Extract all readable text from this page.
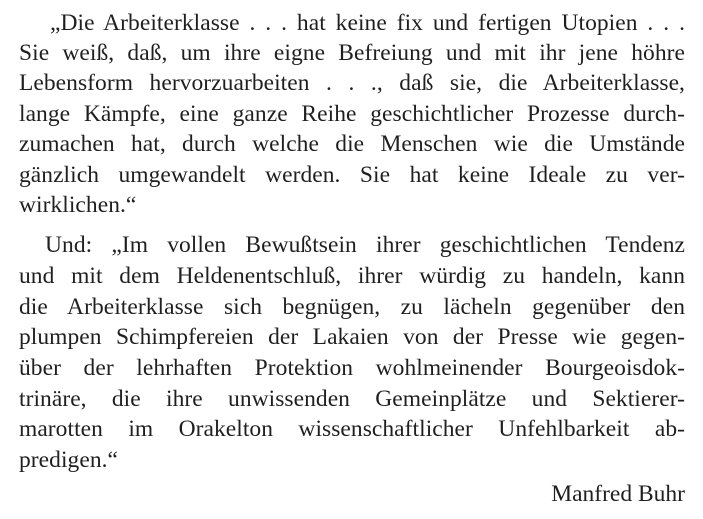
„Die Arbeiterklasse . . . hat keine fix und fertigen Utopien . . .
Sie weiß, daß, um ihre eigne Befreiung und mit ihr jene höhre
Lebensform hervorzuarbeiten . . ., daß sie, die Arbeiterklasse,
lange Kämpfe, eine ganze Reihe geschichtlicher Prozesse durch-
zumachen hat, durch welche die Menschen wie die Umstände
gänzlich umgewandelt werden. Sie hat keine Ideale zu ver-
wirklichen.“
Und: „Im vollen Bewußtsein ihrer geschichtlichen Tendenz
und mit dem Heldenentschluß, ihrer würdig zu handeln, kann
die Arbeiterklasse sich begnügen, zu lächeln gegenüber den
plumpen Schimpfereien der Lakaien von der Presse wie gegen-
über der lehrhaften Protektion wohlmeinender Bourgeoisdok-
trinäre, die ihre unwissenden Gemeinplätze und Sektierer-
marotten im Orakelton wissenschaftlicher Unfehlbarkeit ab-
predigen.“
Manfred Buhr
